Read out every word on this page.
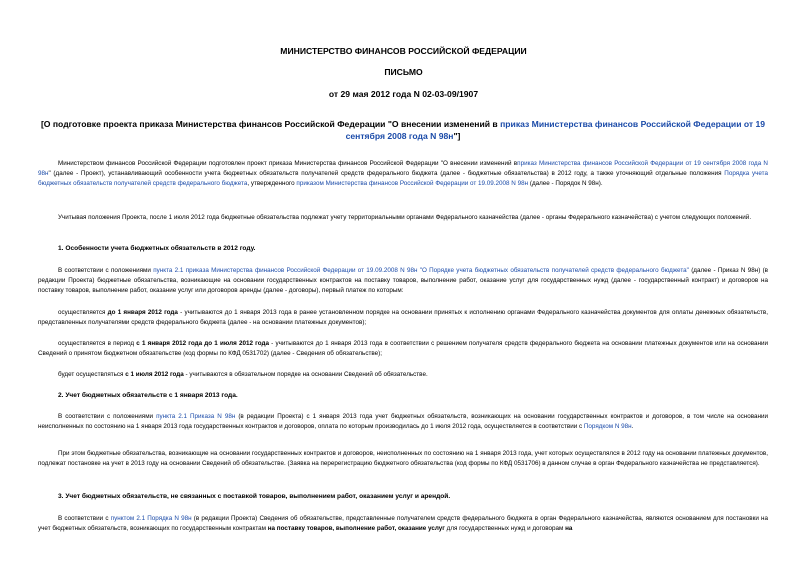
МИНИСТЕРСТВО ФИНАНСОВ РОССИЙСКОЙ ФЕДЕРАЦИИ
ПИСЬМО
от 29 мая 2012 года N 02-03-09/1907
[О подготовке проекта приказа Министерства финансов Российской Федерации "О внесении изменений в приказ Министерства финансов Российской Федерации от 19 сентября 2008 года N 98н"]
Министерством финансов Российской Федерации подготовлен проект приказа Министерства финансов Российской Федерации "О внесении изменений вприказ Министерства финансов Российской Федерации от 19 сентября 2008 года N 98н" (далее - Проект), устанавливающий особенности учета бюджетных обязательств получателей средств федерального бюджета (далее - бюджетные обязательства) в 2012 году, а также уточняющий отдельные положения Порядка учета бюджетных обязательств получателей средств федерального бюджета, утвержденного приказом Министерства финансов Российской Федерации от 19.09.2008 N 98н (далее - Порядок N 98н).
Учитывая положения Проекта, после 1 июля 2012 года бюджетные обязательства подлежат учету территориальными органами Федерального казначейства (далее - органы Федерального казначейства) с учетом следующих положений.
1. Особенности учета бюджетных обязательств в 2012 году.
В соответствии с положениями пункта 2.1 приказа Министерства финансов Российской Федерации от 19.09.2008 N 98н "О Порядке учета бюджетных обязательств получателей средств федерального бюджета" (далее - Приказ N 98н) (в редакции Проекта) бюджетные обязательства, возникающие на основании государственных контрактов на поставку товаров, выполнение работ, оказание услуг для государственных нужд (далее - государственный контракт) и договоров на поставку товаров, выполнение работ, оказание услуг или договоров аренды (далее - договоры), первый платеж по которым:
осуществляется до 1 января 2012 года - учитываются до 1 января 2013 года в ранее установленном порядке на основании принятых к исполнению органами Федерального казначейства документов для оплаты денежных обязательств, представленных получателями средств федерального бюджета (далее - на основании платежных документов);
осуществляется в период с 1 января 2012 года до 1 июля 2012 года - учитываются до 1 января 2013 года в соответствии с решением получателя средств федерального бюджета на основании платежных документов или на основании Сведений о принятом бюджетном обязательстве (код формы по КФД 0531702) (далее - Сведения об обязательстве);
будет осуществляться с 1 июля 2012 года - учитываются в обязательном порядке на основании Сведений об обязательстве.
2. Учет бюджетных обязательств с 1 января 2013 года.
В соответствии с положениями пункта 2.1 Приказа N 98н (в редакции Проекта) с 1 января 2013 года учет бюджетных обязательств, возникающих на основании государственных контрактов и договоров, в том числе на основании неисполненных по состоянию на 1 января 2013 года государственных контрактов и договоров, оплата по которым производилась до 1 июля 2012 года, осуществляется в соответствии с Порядком N 98н.
При этом бюджетные обязательства, возникающие на основании государственных контрактов и договоров, неисполненных по состоянию на 1 января 2013 года, учет которых осуществлялся в 2012 году на основании платежных документов, подлежат постановке на учет в 2013 году на основании Сведений об обязательстве. (Заявка на перерегистрацию бюджетного обязательства (код формы по КФД 0531706) в данном случае в орган Федерального казначейства не представляется).
3. Учет бюджетных обязательств, не связанных с поставкой товаров, выполнением работ, оказанием услуг и арендой.
В соответствии с пунктом 2.1 Порядка N 98н (в редакции Проекта) Сведения об обязательстве, представленные получателем средств федерального бюджета в орган Федерального казначейства, являются основанием для постановки на учет бюджетных обязательств, возникающих по государственным контрактам на поставку товаров, выполнение работ, оказание услуг для государственных нужд и договорам на
